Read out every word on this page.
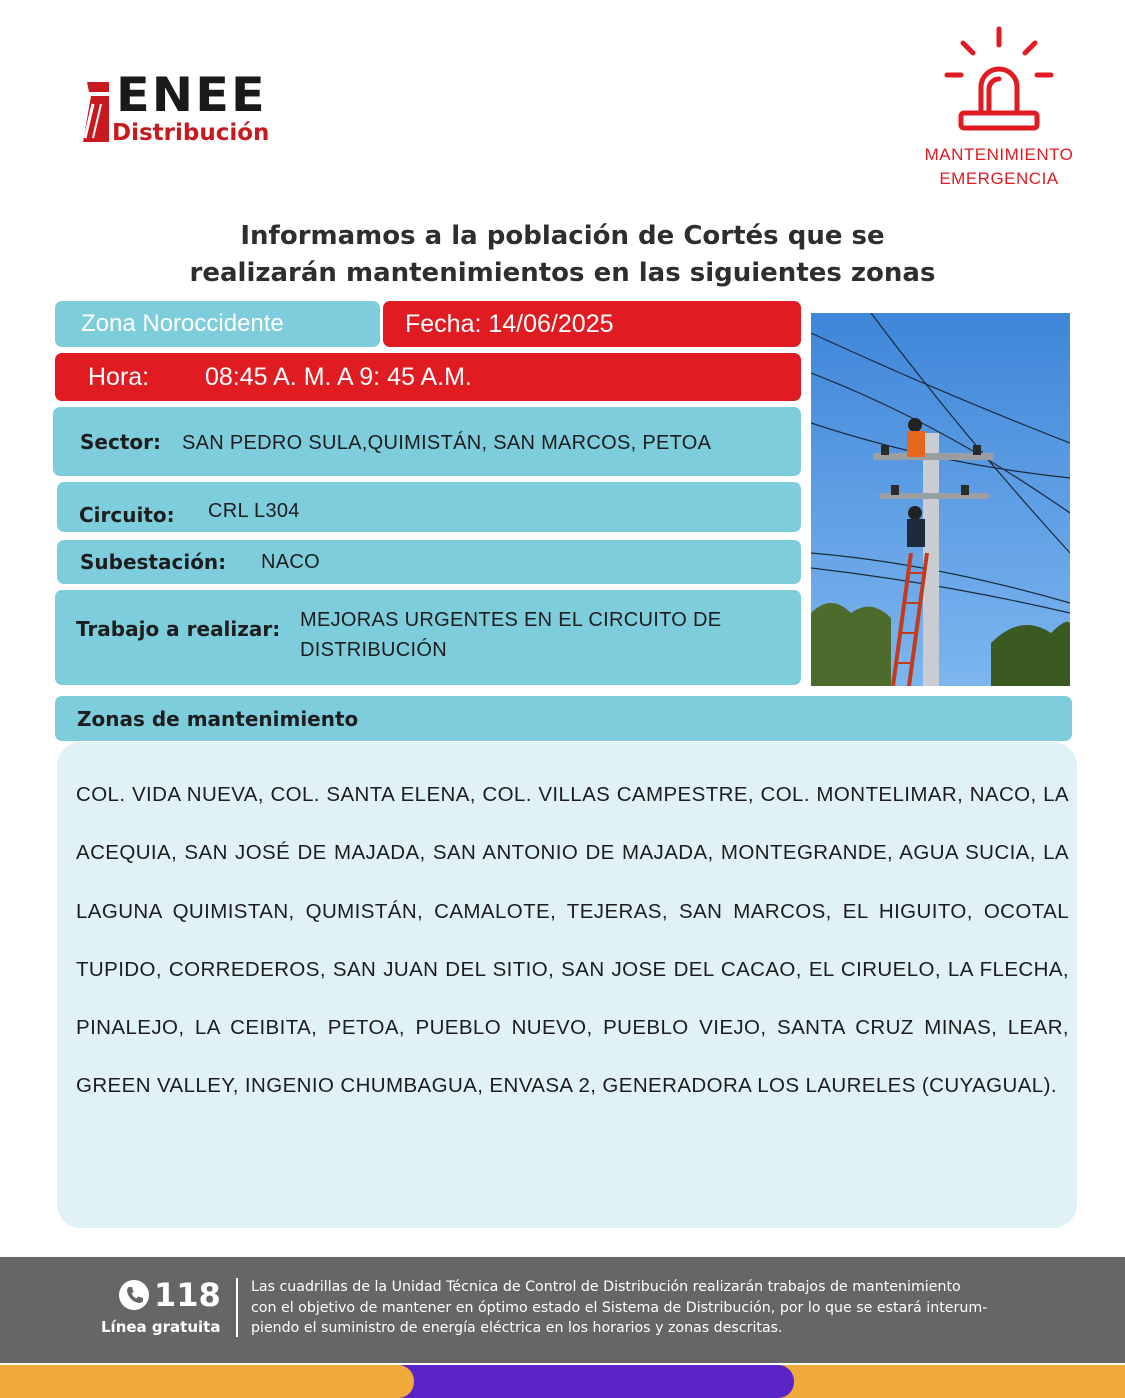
ENEE
Distribución
MANTENIMIENTO
EMERGENCIA
Informamos a la población de Cortés que se
realizarán mantenimientos en las siguientes zonas
Zona Noroccidente	Fecha: 14/06/2025
Hora: 08:45 A. M. A 9: 45 A.M.
Sector: SAN PEDRO SULA,QUIMISTÁN, SAN MARCOS, PETOA
Circuito: CRL L304
Subestación: NACO
Trabajo a realizar: MEJORAS URGENTES EN EL CIRCUITO DE
DISTRIBUCIÓN
Zonas de mantenimiento
COL. VIDA NUEVA, COL. SANTA ELENA, COL. VILLAS CAMPESTRE, COL. MONTELIMAR, NACO, LA ACEQUIA, SAN JOSÉ DE MAJADA, SAN ANTONIO DE MAJADA, MONTEGRANDE, AGUA SUCIA, LA LAGUNA QUIMISTAN, QUMISTÁN, CAMALOTE, TEJERAS, SAN MARCOS, EL HIGUITO, OCOTAL TUPIDO, CORREDEROS, SAN JUAN DEL SITIO, SAN JOSE DEL CACAO, EL CIRUELO, LA FLECHA, PINALEJO, LA CEIBITA, PETOA, PUEBLO NUEVO, PUEBLO VIEJO, SANTA CRUZ MINAS, LEAR, GREEN VALLEY, INGENIO CHUMBAGUA, ENVASA 2, GENERADORA LOS LAURELES (CUYAGUAL).
118
Línea gratuita
Las cuadrillas de la Unidad Técnica de Control de Distribución realizarán trabajos de mantenimiento
con el objetivo de mantener en óptimo estado el Sistema de Distribución, por lo que se estará interum-
piendo el suministro de energía eléctrica en los horarios y zonas descritas.
